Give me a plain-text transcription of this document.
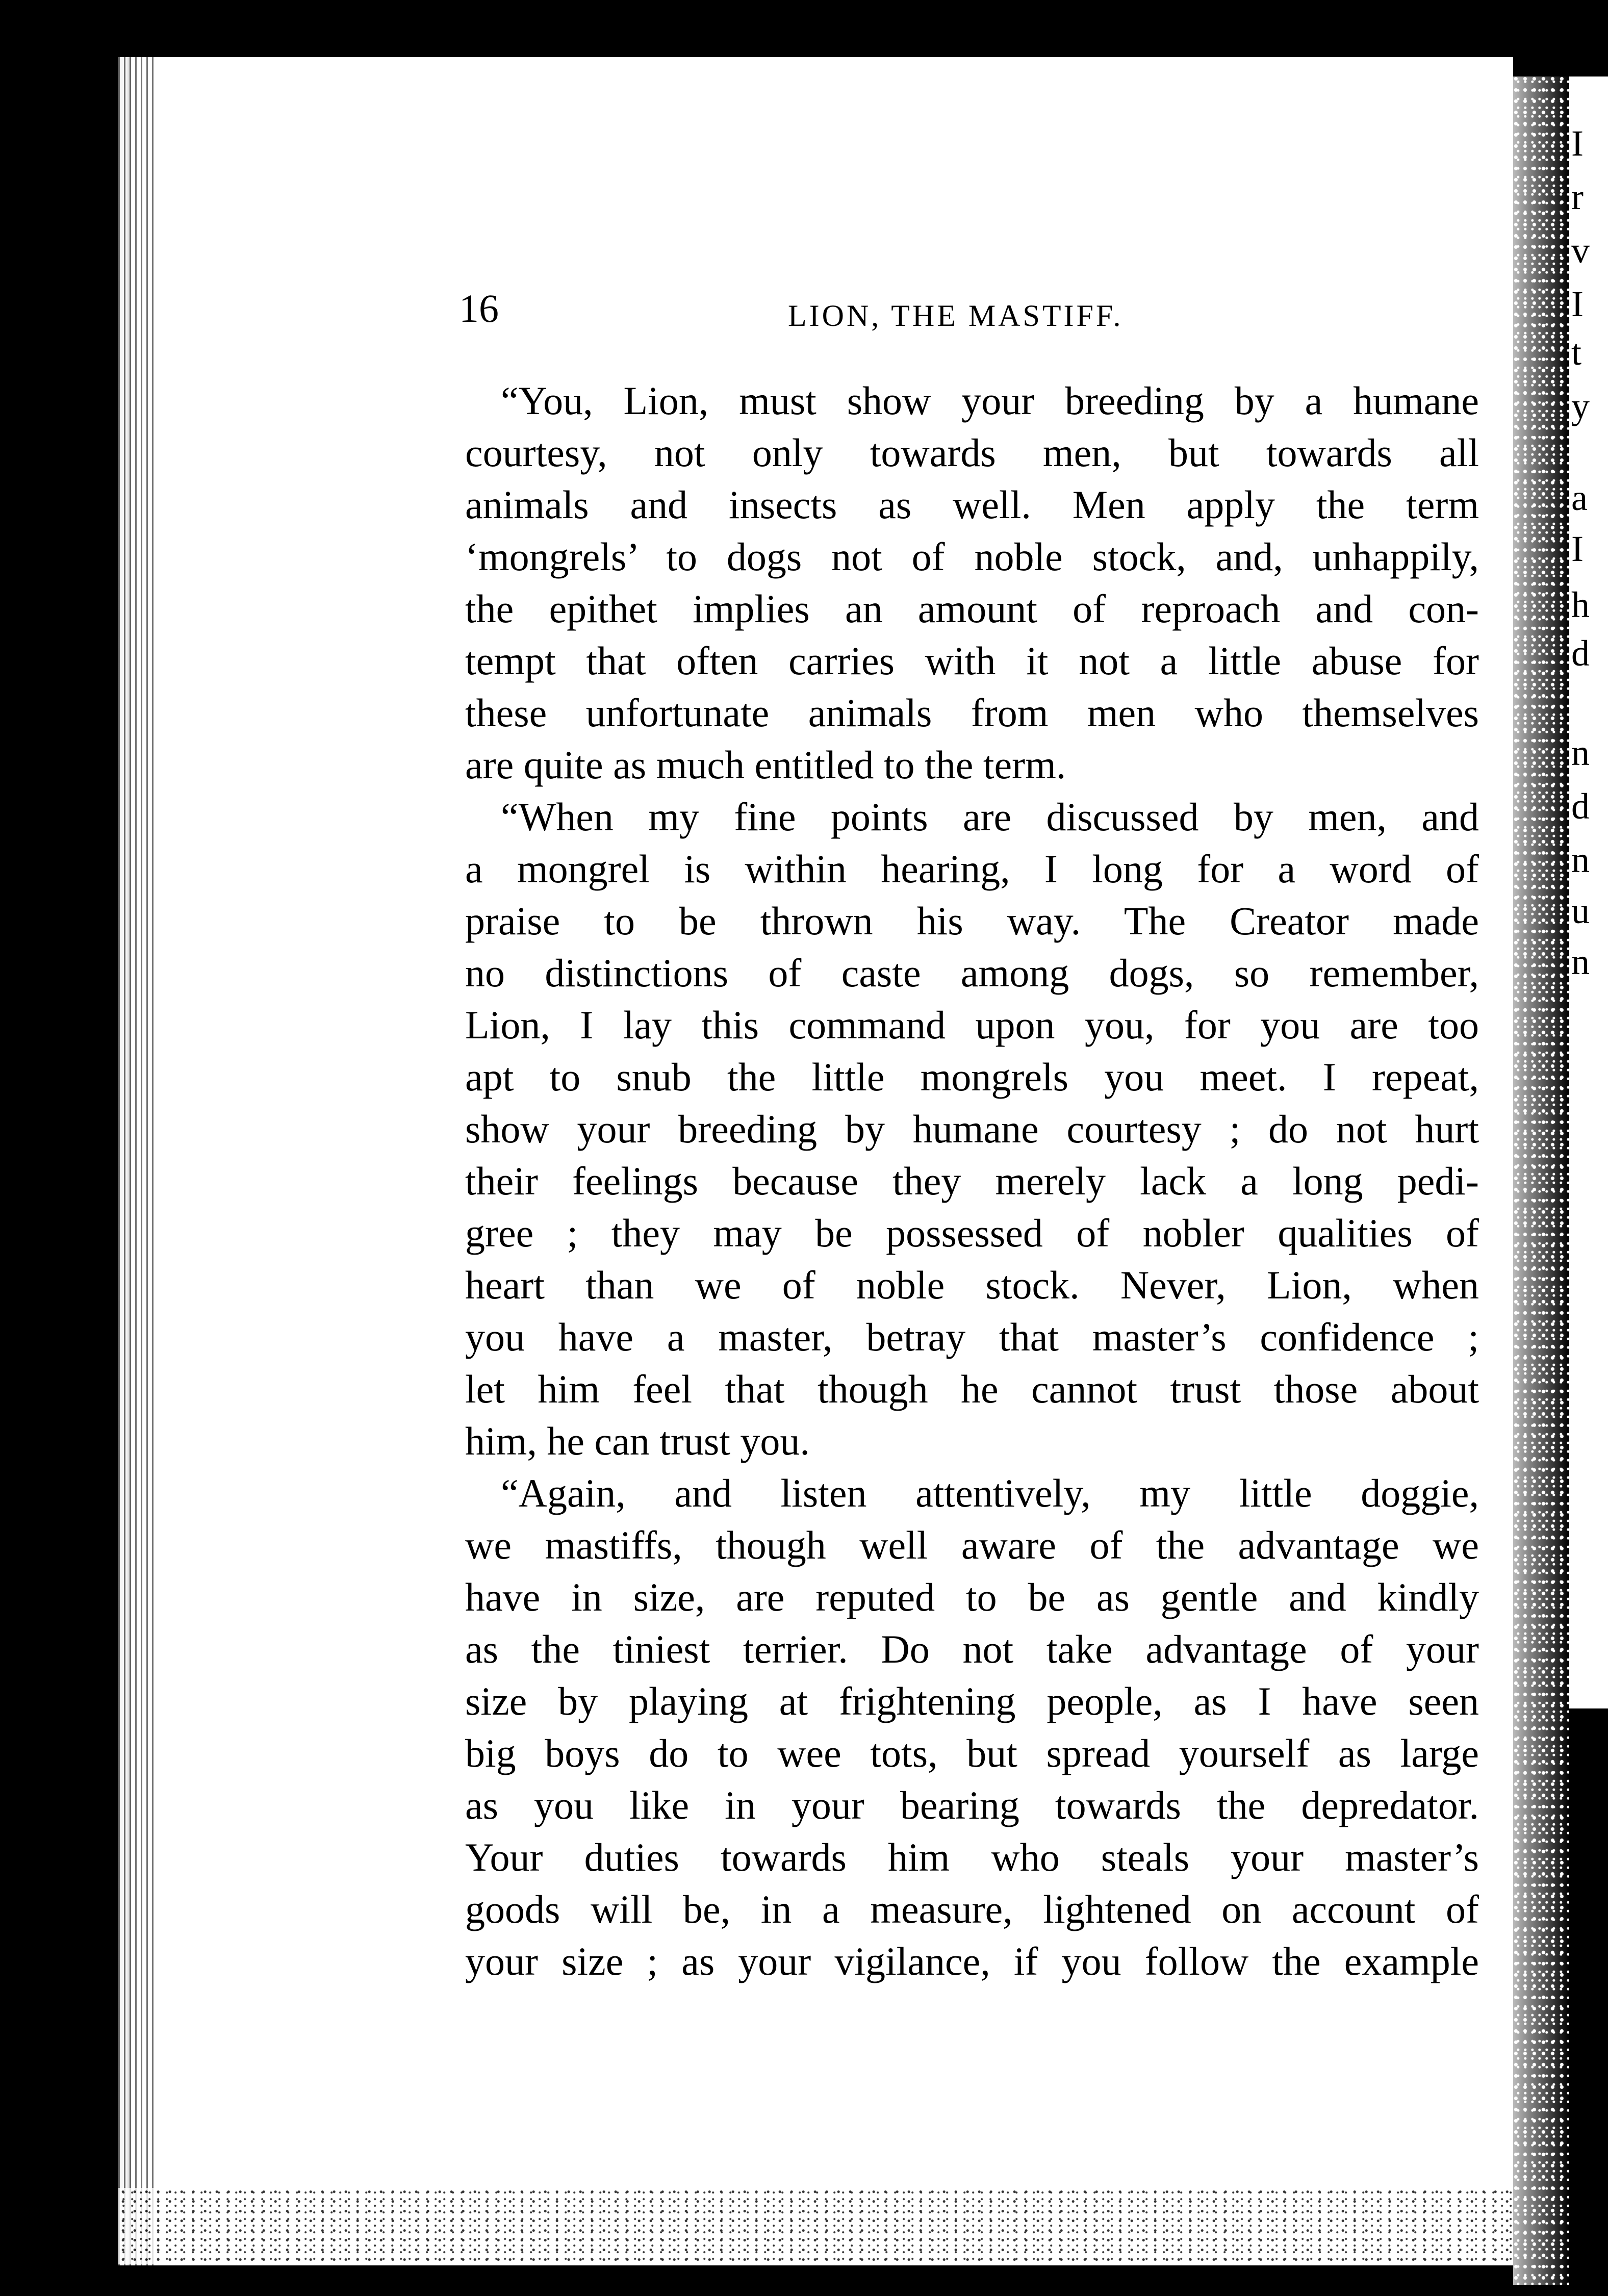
I
r
v
I
t
y
a
I
h
d
n
d
n
u
n
16	LION, THE MASTIFF.
“You, Lion, must show your breeding by a humane
courtesy, not only towards men, but towards all
animals and insects as well. Men apply the term
‘mongrels’ to dogs not of noble stock, and, unhappily,
the epithet implies an amount of reproach and con-
tempt that often carries with it not a little abuse for
these unfortunate animals from men who themselves
are quite as much entitled to the term.
“When my fine points are discussed by men, and
a mongrel is within hearing, I long for a word of
praise to be thrown his way. The Creator made
no distinctions of caste among dogs, so remember,
Lion, I lay this command upon you, for you are too
apt to snub the little mongrels you meet. I repeat,
show your breeding by humane courtesy ; do not hurt
their feelings because they merely lack a long pedi-
gree ; they may be possessed of nobler qualities of
heart than we of noble stock. Never, Lion, when
you have a master, betray that master’s confidence ;
let him feel that though he cannot trust those about
him, he can trust you.
“Again, and listen attentively, my little doggie,
we mastiffs, though well aware of the advantage we
have in size, are reputed to be as gentle and kindly
as the tiniest terrier. Do not take advantage of your
size by playing at frightening people, as I have seen
big boys do to wee tots, but spread yourself as large
as you like in your bearing towards the depredator.
Your duties towards him who steals your master’s
goods will be, in a measure, lightened on account of
your size ; as your vigilance, if you follow the example
